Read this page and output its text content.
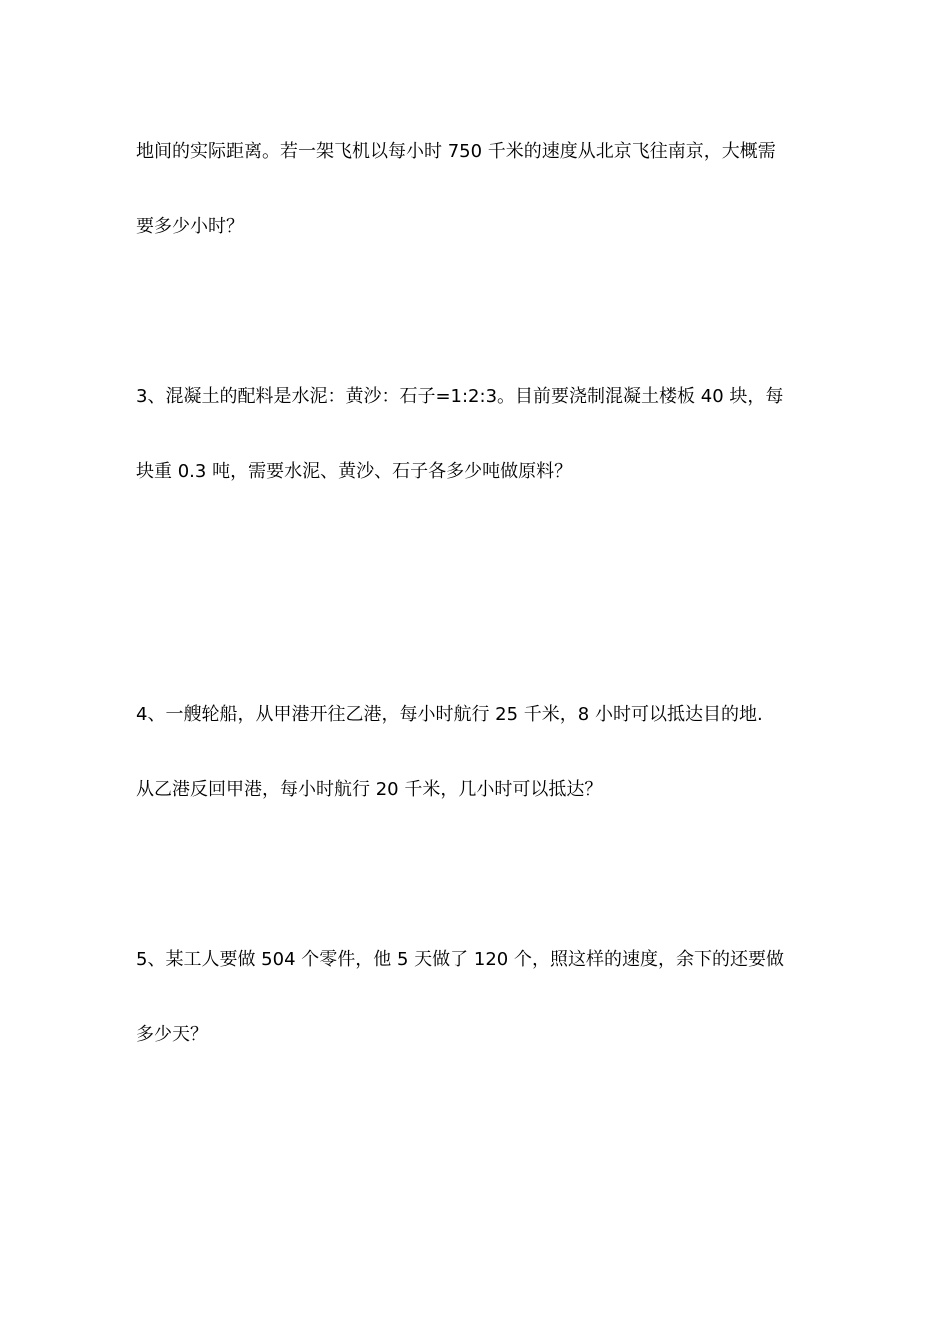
地间的实际距离。若一架飞机以每小时 750 千米的速度从北京飞往南京，大概需
要多少小时？
3、混凝土的配料是水泥：黄沙：石子=1:2:3。目前要浇制混凝土楼板 40 块，每
块重 0.3 吨，需要水泥、黄沙、石子各多少吨做原料？
4、一艘轮船，从甲港开往乙港，每小时航行 25 千米，8 小时可以抵达目的地.
从乙港反回甲港，每小时航行 20 千米，几小时可以抵达？
5、某工人要做 504 个零件，他 5 天做了 120 个，照这样的速度，余下的还要做
多少天？
